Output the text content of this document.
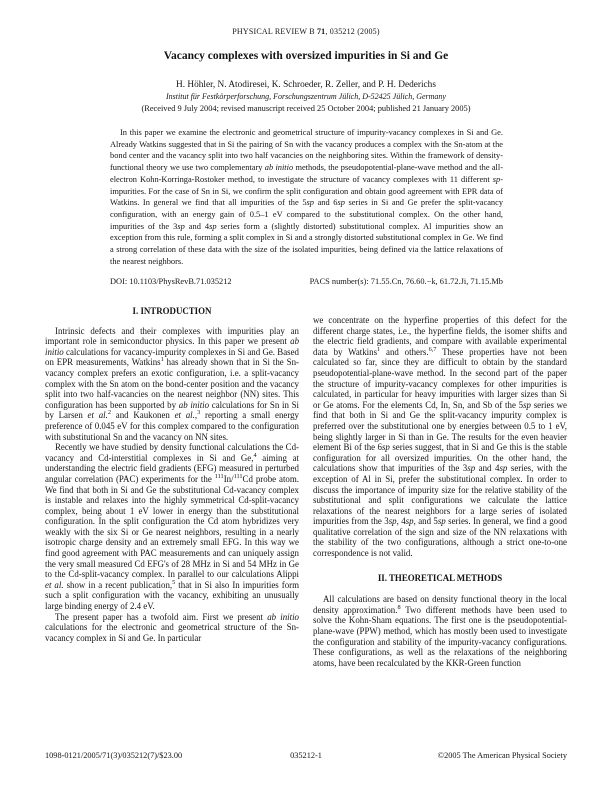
PHYSICAL REVIEW B 71, 035212 (2005)
Vacancy complexes with oversized impurities in Si and Ge
H. Höhler, N. Atodiresei, K. Schroeder, R. Zeller, and P. H. Dederichs
Institut für Festkörperforschung, Forschungszentrum Jülich, D-52425 Jülich, Germany
(Received 9 July 2004; revised manuscript received 25 October 2004; published 21 January 2005)
In this paper we examine the electronic and geometrical structure of impurity-vacancy complexes in Si and Ge. Already Watkins suggested that in Si the pairing of Sn with the vacancy produces a complex with the Sn-atom at the bond center and the vacancy split into two half vacancies on the neighboring sites. Within the framework of density-functional theory we use two complementary ab initio methods, the pseudopotential-plane-wave method and the all-electron Kohn-Korringa-Rostoker method, to investigate the structure of vacancy complexes with 11 different sp-impurities. For the case of Sn in Si, we confirm the split configuration and obtain good agreement with EPR data of Watkins. In general we find that all impurities of the 5sp and 6sp series in Si and Ge prefer the split-vacancy configuration, with an energy gain of 0.5–1 eV compared to the substitutional complex. On the other hand, impurities of the 3sp and 4sp series form a (slightly distorted) substitutional complex. Al impurities show an exception from this rule, forming a split complex in Si and a strongly distorted substitutional complex in Ge. We find a strong correlation of these data with the size of the isolated impurities, being defined via the lattice relaxations of the nearest neighbors.
DOI: 10.1103/PhysRevB.71.035212	PACS number(s): 71.55.Cn, 76.60.−k, 61.72.Ji, 71.15.Mb
I. INTRODUCTION

Intrinsic defects and their complexes with impurities play an important role in semiconductor physics. In this paper we present ab initio calculations for vacancy-impurity complexes in Si and Ge. Based on EPR measurements, Watkins$^1$ has already shown that in Si the Sn-vacancy complex prefers an exotic configuration, i.e. a split-vacancy complex with the Sn atom on the bond-center position and the vacancy split into two half-vacancies on the nearest neighbor (NN) sites. This configuration has been supported by ab initio calculations for Sn in Si by Larsen et al.$^2$ and Kaukonen et al.,$^3$ reporting a small energy preference of 0.045 eV for this complex compared to the configuration with substitutional Sn and the vacancy on NN sites.

Recently we have studied by density functional calculations the Cd-vacancy and Cd-interstitial complexes in Si and Ge,$^4$ aiming at understanding the electric field gradients (EFG) measured in perturbed angular correlation (PAC) experiments for the $^{111}$In/$^{111}$Cd probe atom. We find that both in Si and Ge the substitutional Cd-vacancy complex is instable and relaxes into the highly symmetrical Cd-split-vacancy complex, being about 1 eV lower in energy than the substitutional configuration. In the split configuration the Cd atom hybridizes very weakly with the six Si or Ge nearest neighbors, resulting in a nearly isotropic charge density and an extremely small EFG. In this way we find good agreement with PAC measurements and can uniquely assign the very small measured Cd EFG's of 28 MHz in Si and 54 MHz in Ge to the Cd-split-vacancy complex. In parallel to our calculations Alippi et al. show in a recent publication,$^5$ that in Si also In impurities form such a split configuration with the vacancy, exhibiting an unusually large binding energy of 2.4 eV.

The present paper has a twofold aim. First we present ab initio calculations for the electronic and geometrical structure of the Sn-vacancy complex in Si and Ge. In particular

we concentrate on the hyperfine properties of this defect for the different charge states, i.e., the hyperfine fields, the isomer shifts and the electric field gradients, and compare with available experimental data by Watkins$^1$ and others.$^{6,7}$ These properties have not been calculated so far, since they are difficult to obtain by the standard pseudopotential-plane-wave method. In the second part of the paper the structure of impurity-vacancy complexes for other impurities is calculated, in particular for heavy impurities with larger sizes than Si or Ge atoms. For the elements Cd, In, Sn, and Sb of the 5sp series we find that both in Si and Ge the split-vacancy impurity complex is preferred over the substitutional one by energies between 0.5 to 1 eV, being slightly larger in Si than in Ge. The results for the even heavier element Bi of the 6sp series suggest, that in Si and Ge this is the stable configuration for all oversized impurities. On the other hand, the calculations show that impurities of the 3sp and 4sp series, with the exception of Al in Si, prefer the substitutional complex. In order to discuss the importance of impurity size for the relative stability of the substitutional and split configurations we calculate the lattice relaxations of the nearest neighbors for a large series of isolated impurities from the 3sp, 4sp, and 5sp series. In general, we find a good qualitative correlation of the sign and size of the NN relaxations with the stability of the two configurations, although a strict one-to-one correspondence is not valid.

II. THEORETICAL METHODS

All calculations are based on density functional theory in the local density approximation.$^8$ Two different methods have been used to solve the Kohn-Sham equations. The first one is the pseudopotential-plane-wave (PPW) method, which has mostly been used to investigate the configuration and stability of the impurity-vacancy configurations. These configurations, as well as the relaxations of the neighboring atoms, have been recalculated by the KKR-Green function

1098-0121/2005/71(3)/035212(7)/$23.00	035212-1	©2005 The American Physical Society
